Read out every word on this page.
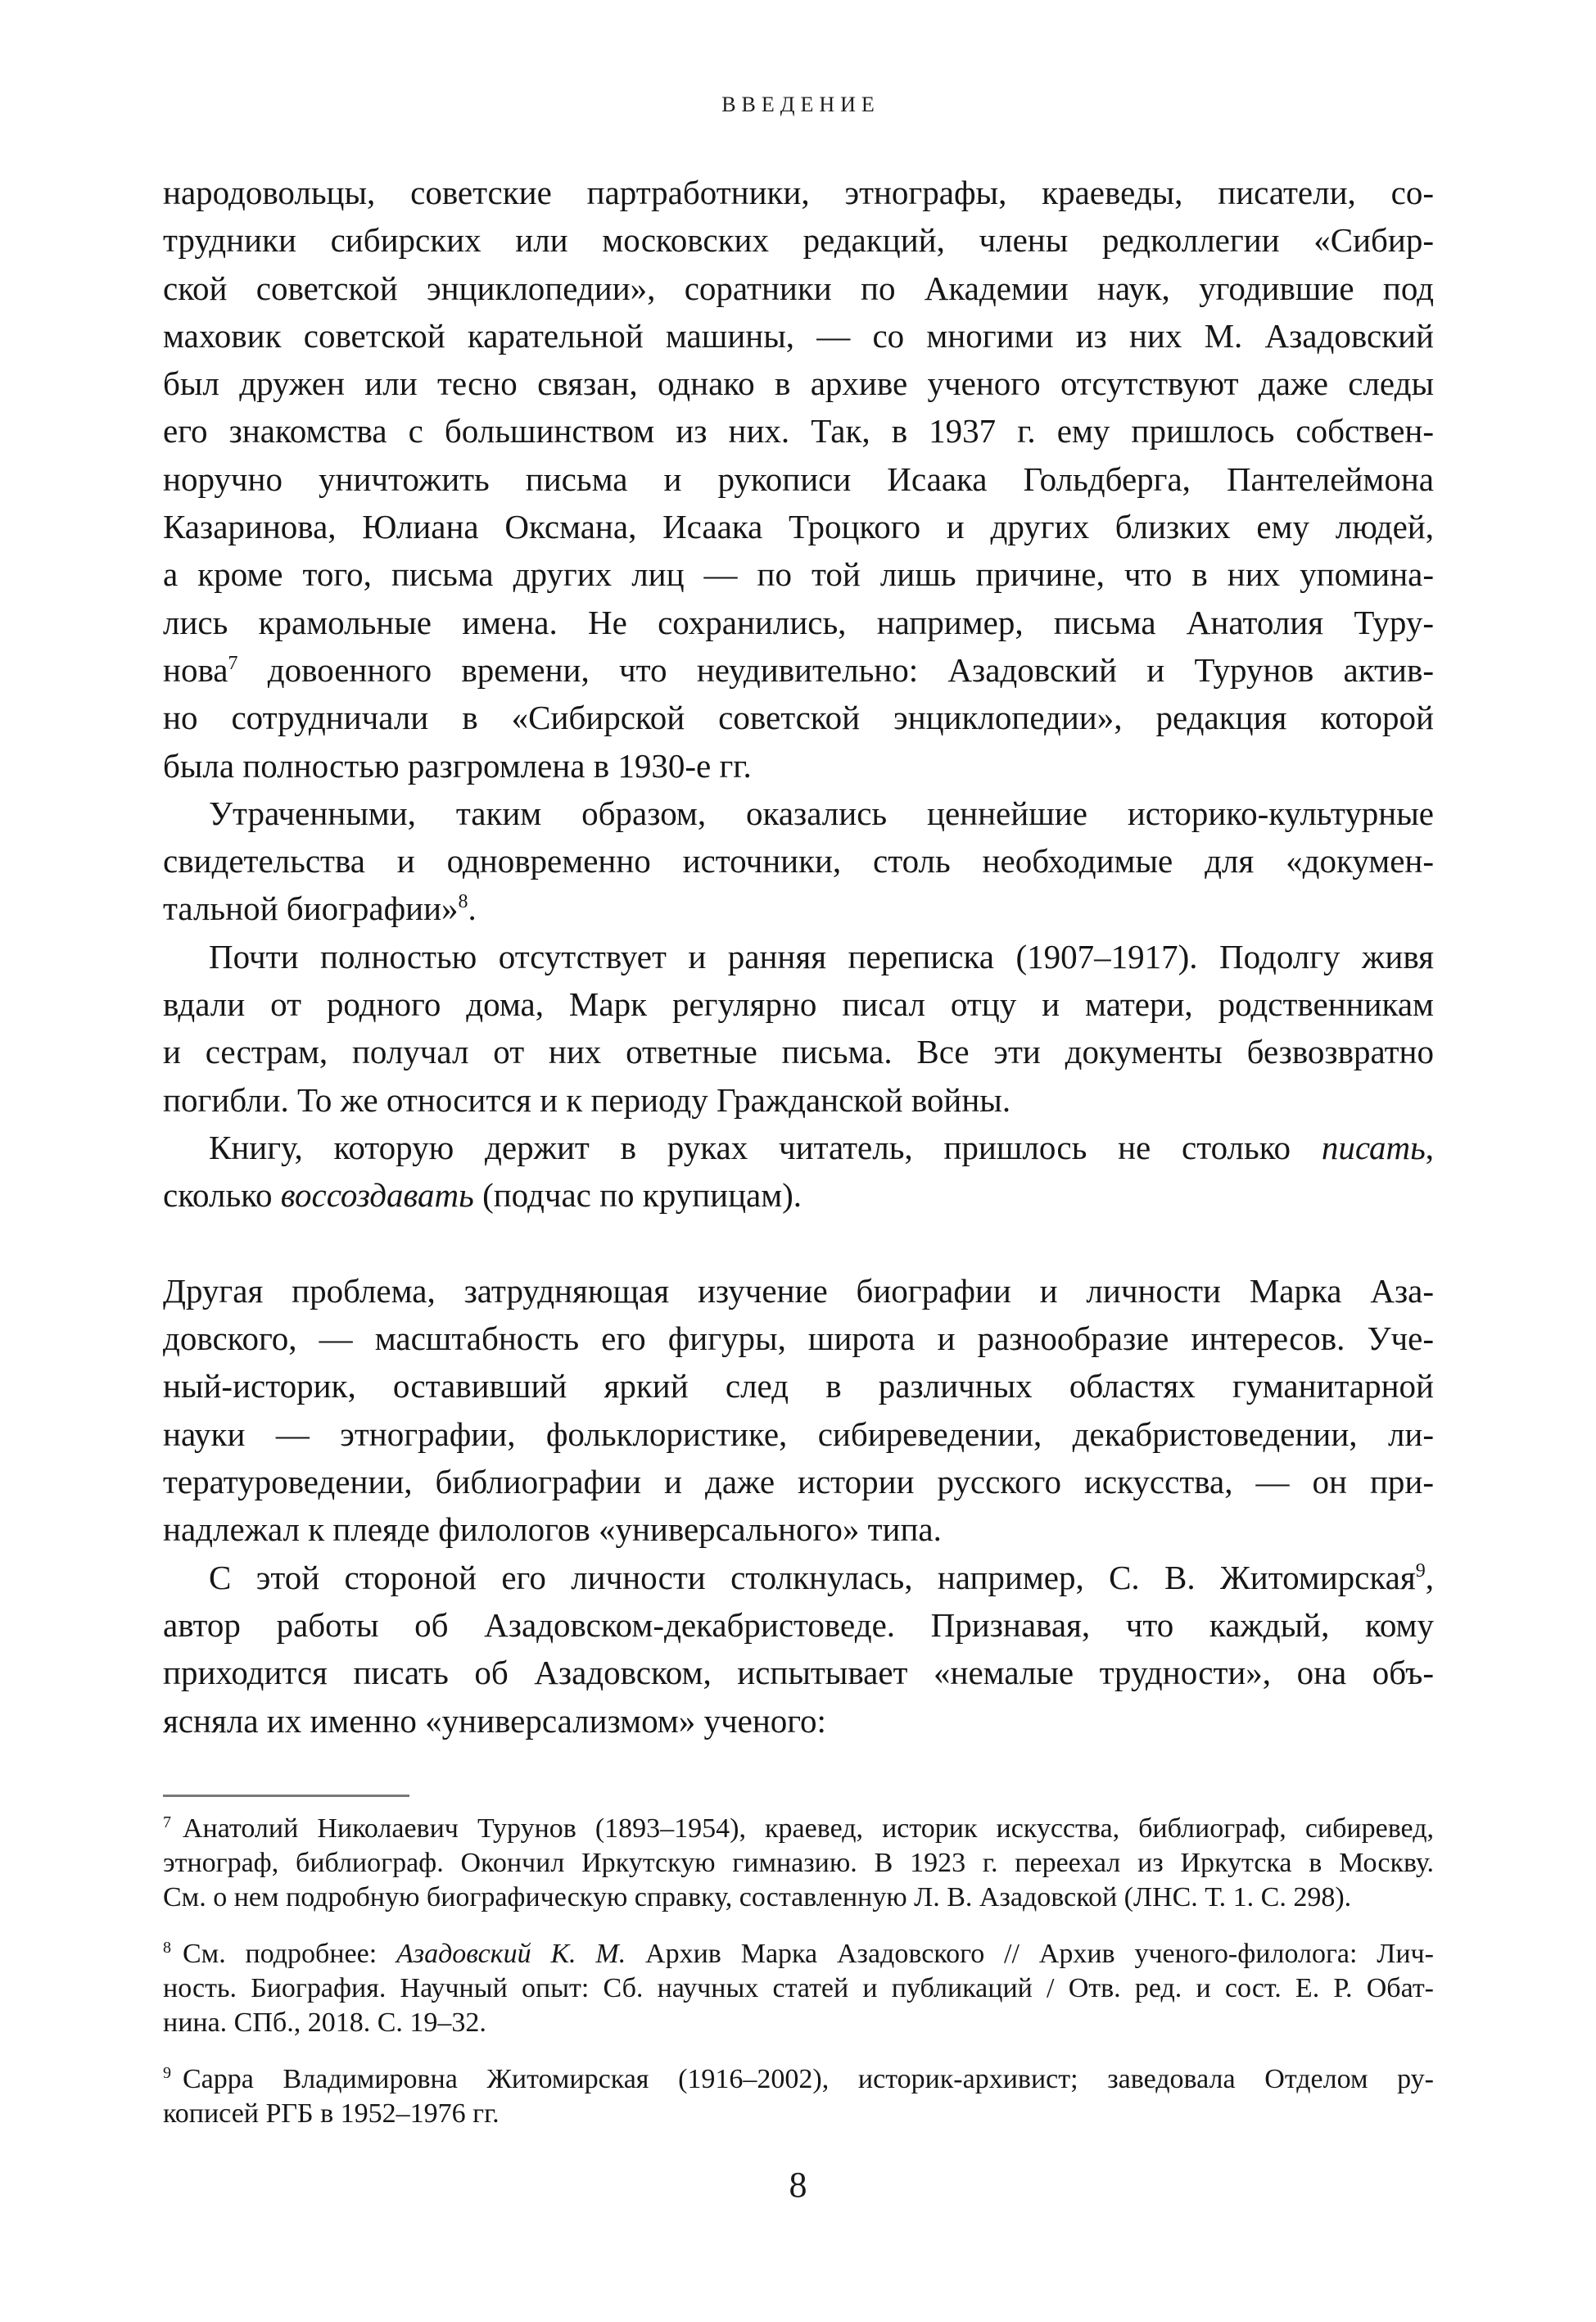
ВВЕДЕНИЕ
народовольцы, советские партработники, этнографы, краеведы, писатели, со-
трудники сибирских или московских редакций, члены редколлегии «Сибир-
ской советской энциклопедии», соратники по Академии наук, угодившие под
маховик советской карательной машины, — со многими из них М. Азадовский
был дружен или тесно связан, однако в архиве ученого отсутствуют даже следы
его знакомства с большинством из них. Так, в 1937 г. ему пришлось собствен-
норучно уничтожить письма и рукописи Исаака Гольдберга, Пантелеймона
Казаринова, Юлиана Оксмана, Исаака Троцкого и других близких ему людей,
а кроме того, письма других лиц — по той лишь причине, что в них упомина-
лись крамольные имена. Не сохранились, например, письма Анатолия Туру-
нова$^7$ довоенного времени, что неудивительно: Азадовский и Турунов актив-
но сотрудничали в «Сибирской советской энциклопедии», редакция которой
была полностью разгромлена в 1930-е гг.
Утраченными, таким образом, оказались ценнейшие историко-культурные
свидетельства и одновременно источники, столь необходимые для «докумен-
тальной биографии»$^8$.
Почти полностью отсутствует и ранняя переписка (1907–1917). Подолгу живя
вдали от родного дома, Марк регулярно писал отцу и матери, родственникам
и сестрам, получал от них ответные письма. Все эти документы безвозвратно
погибли. То же относится и к периоду Гражданской войны.
Книгу, которую держит в руках читатель, пришлось не столько писать,
сколько воссоздавать (подчас по крупицам).
Другая проблема, затрудняющая изучение биографии и личности Марка Аза-
довского, — масштабность его фигуры, широта и разнообразие интересов. Уче-
ный-историк, оставивший яркий след в различных областях гуманитарной
науки — этнографии, фольклористике, сибиреведении, декабристоведении, ли-
тературоведении, библиографии и даже истории русского искусства, — он при-
надлежал к плеяде филологов «универсального» типа.
С этой стороной его личности столкнулась, например, С. В. Житомирская$^9$,
автор работы об Азадовском-декабристоведе. Признавая, что каждый, кому
приходится писать об Азадовском, испытывает «немалые трудности», она объ-
ясняла их именно «универсализмом» ученого:
$^7$ Анатолий Николаевич Турунов (1893–1954), краевед, историк искусства, библиограф, сибиревед,
этнограф, библиограф. Окончил Иркутскую гимназию. В 1923 г. переехал из Иркутска в Москву.
См. о нем подробную биографическую справку, составленную Л. В. Азадовской (ЛНС. Т. 1. С. 298).
$^8$ См. подробнее: Азадовский К. М. Архив Марка Азадовского // Архив ученого-филолога: Лич-
ность. Биография. Научный опыт: Сб. научных статей и публикаций / Отв. ред. и сост. Е. Р. Обат-
нина. СПб., 2018. С. 19–32.
$^9$ Сарра Владимировна Житомирская (1916–2002), историк-архивист; заведовала Отделом ру-
кописей РГБ в 1952–1976 гг.
8
